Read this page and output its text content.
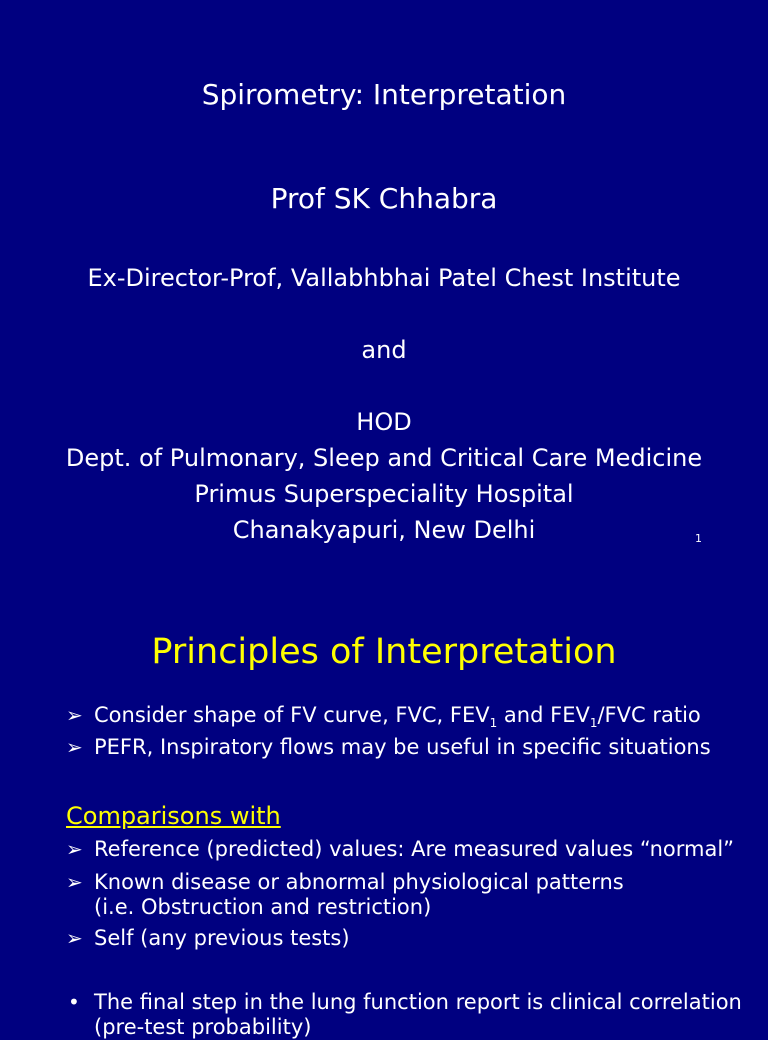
Spirometry: Interpretation
Prof SK Chhabra
Ex-Director-Prof, Vallabhbhai Patel Chest Institute
and
HOD
Dept. of Pulmonary, Sleep and Critical Care Medicine
Primus Superspeciality Hospital
Chanakyapuri, New Delhi	1
Principles of Interpretation
➢ Consider shape of FV curve, FVC, $FEV_1$ and $FEV_1$/FVC ratio
➢ PEFR, Inspiratory flows may be useful in specific situations
Comparisons with
➢ Reference (predicted) values: Are measured values “normal”
➢ Known disease or abnormal physiological patterns (i.e. Obstruction and restriction)
➢ Self (any previous tests)
• The final step in the lung function report is clinical correlation (pre-test probability)
